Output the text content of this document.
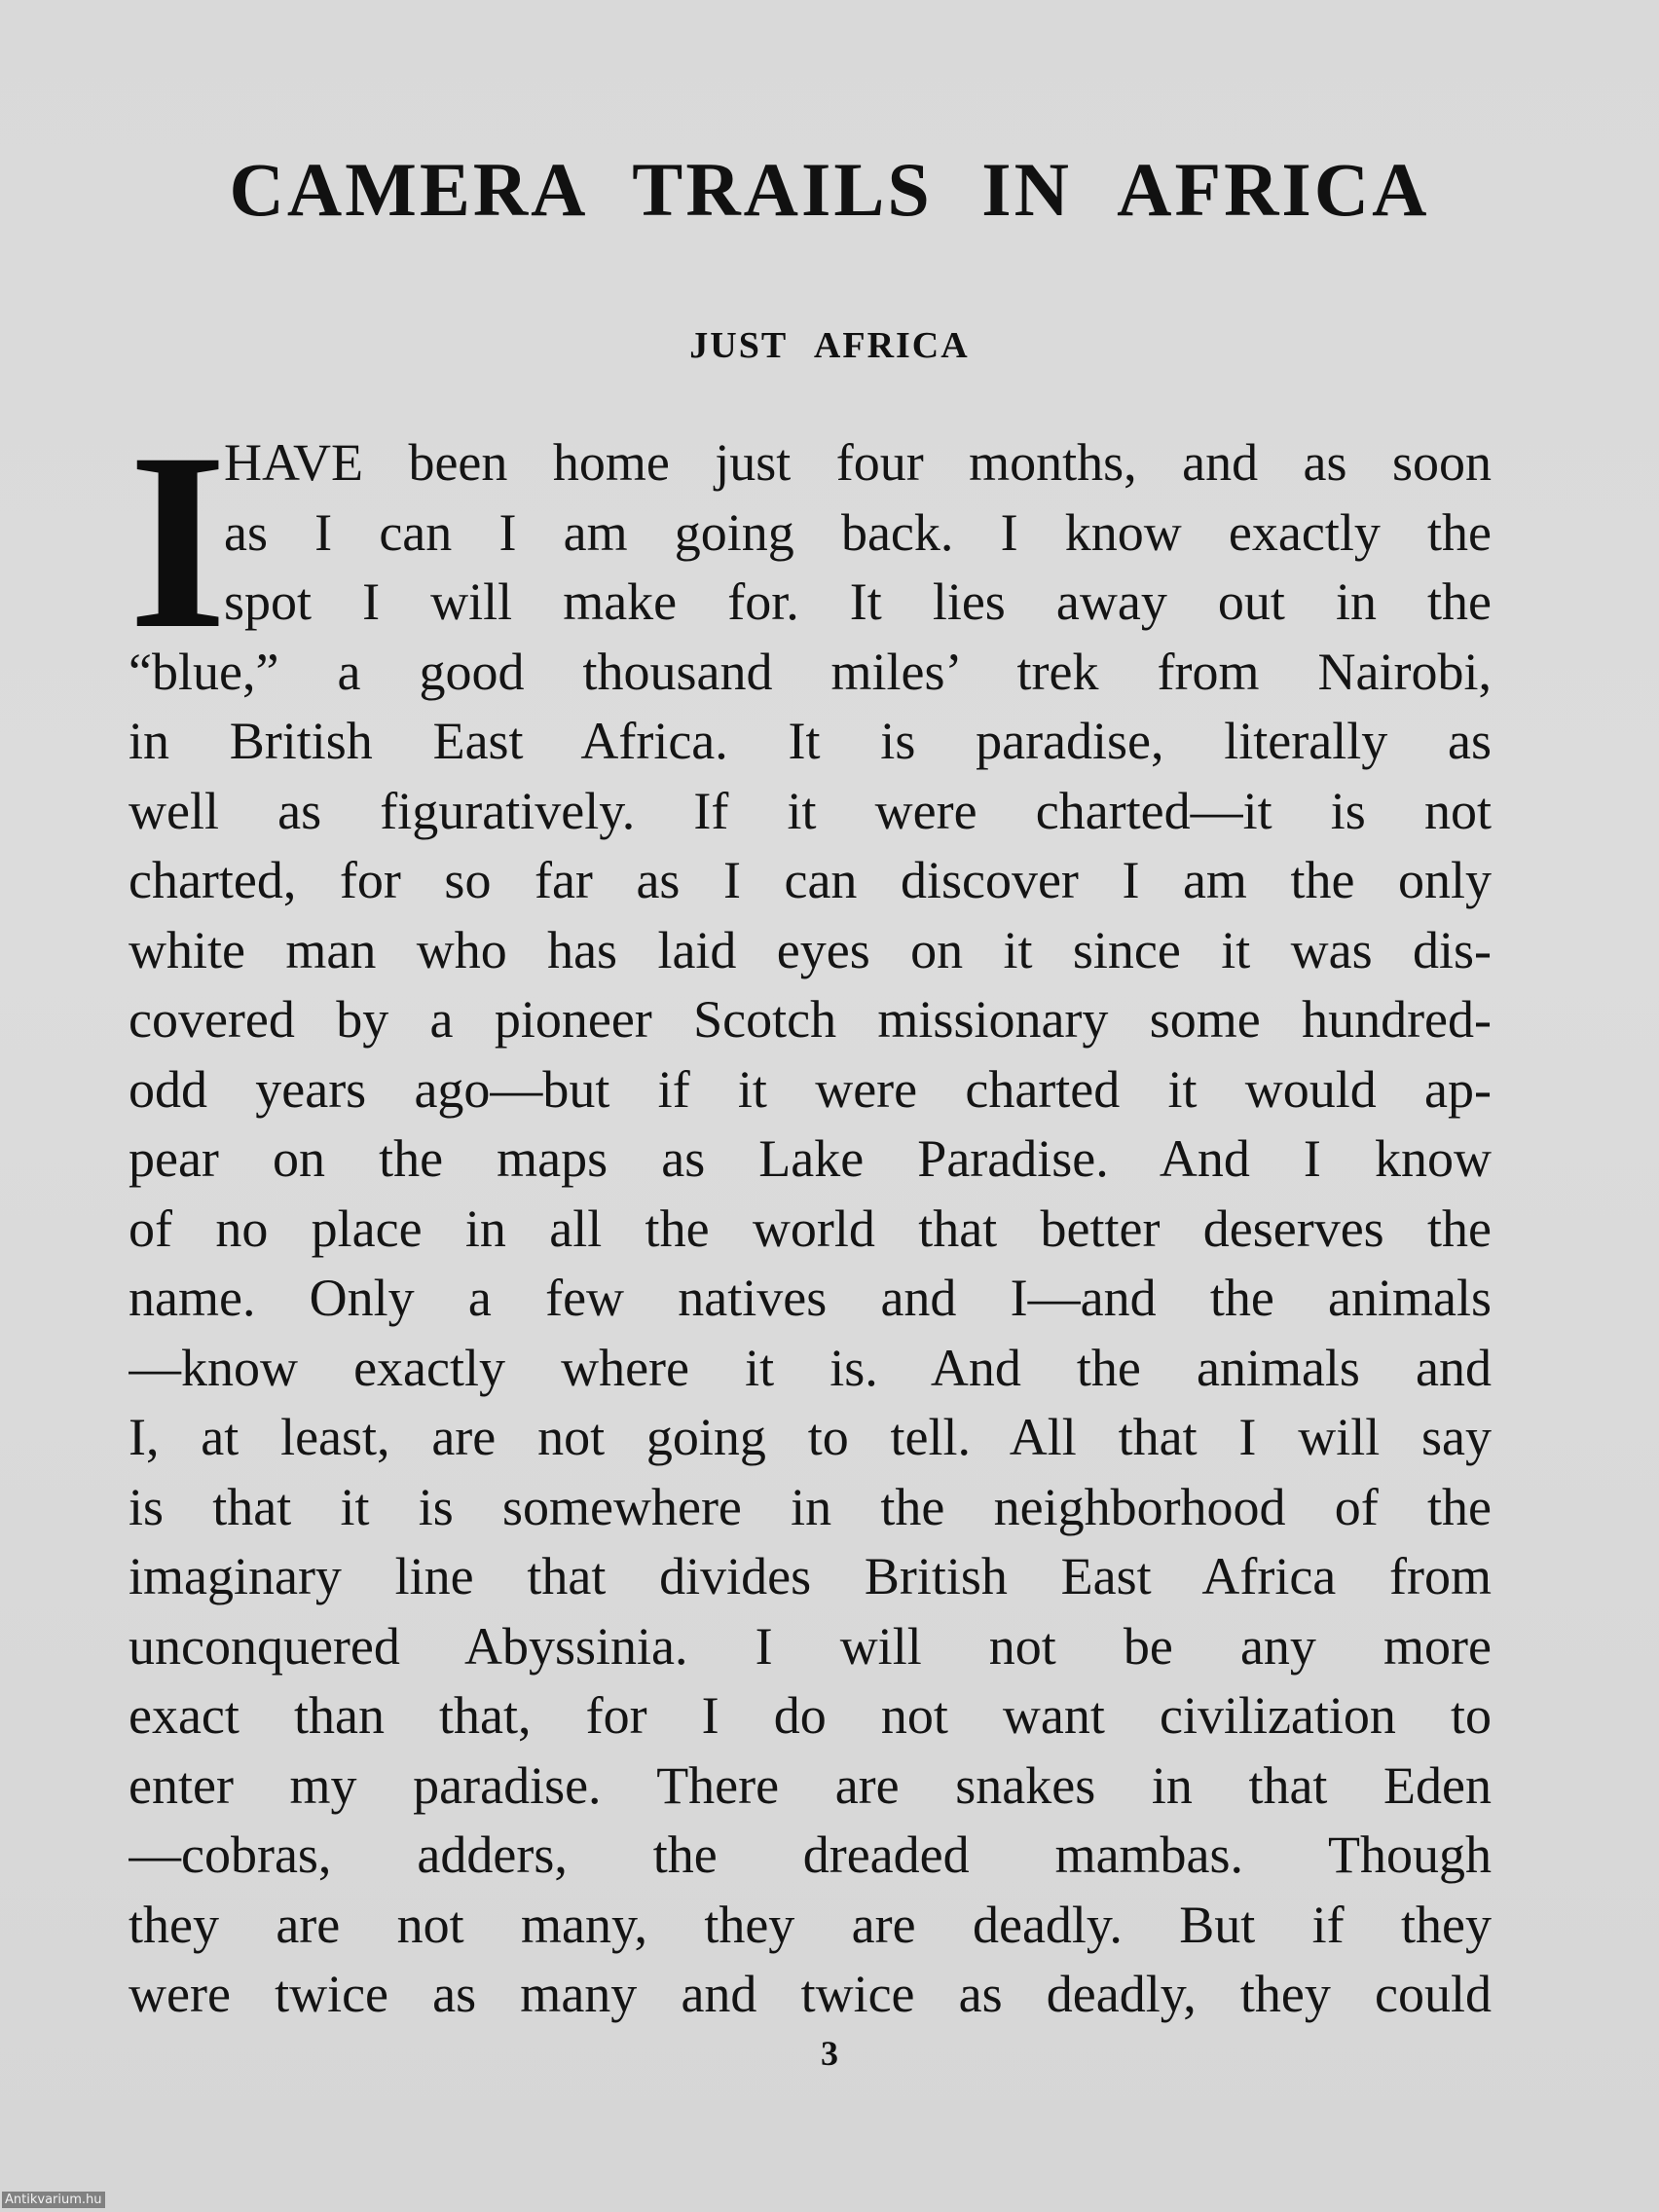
CAMERA TRAILS IN AFRICA
JUST AFRICA
I
HAVE been home just four months, and as soon
as I can I am going back. I know exactly the
spot I will make for. It lies away out in the
“blue,” a good thousand miles’ trek from Nairobi,
in British East Africa. It is paradise, literally as
well as figuratively. If it were charted—it is not
charted, for so far as I can discover I am the only
white man who has laid eyes on it since it was dis-
covered by a pioneer Scotch missionary some hundred-
odd years ago—but if it were charted it would ap-
pear on the maps as Lake Paradise. And I know
of no place in all the world that better deserves the
name. Only a few natives and I—and the animals
—know exactly where it is. And the animals and
I, at least, are not going to tell. All that I will say
is that it is somewhere in the neighborhood of the
imaginary line that divides British East Africa from
unconquered Abyssinia. I will not be any more
exact than that, for I do not want civilization to
enter my paradise. There are snakes in that Eden
—cobras, adders, the dreaded mambas. Though
they are not many, they are deadly. But if they
were twice as many and twice as deadly, they could
3
Antikvarium.hu
